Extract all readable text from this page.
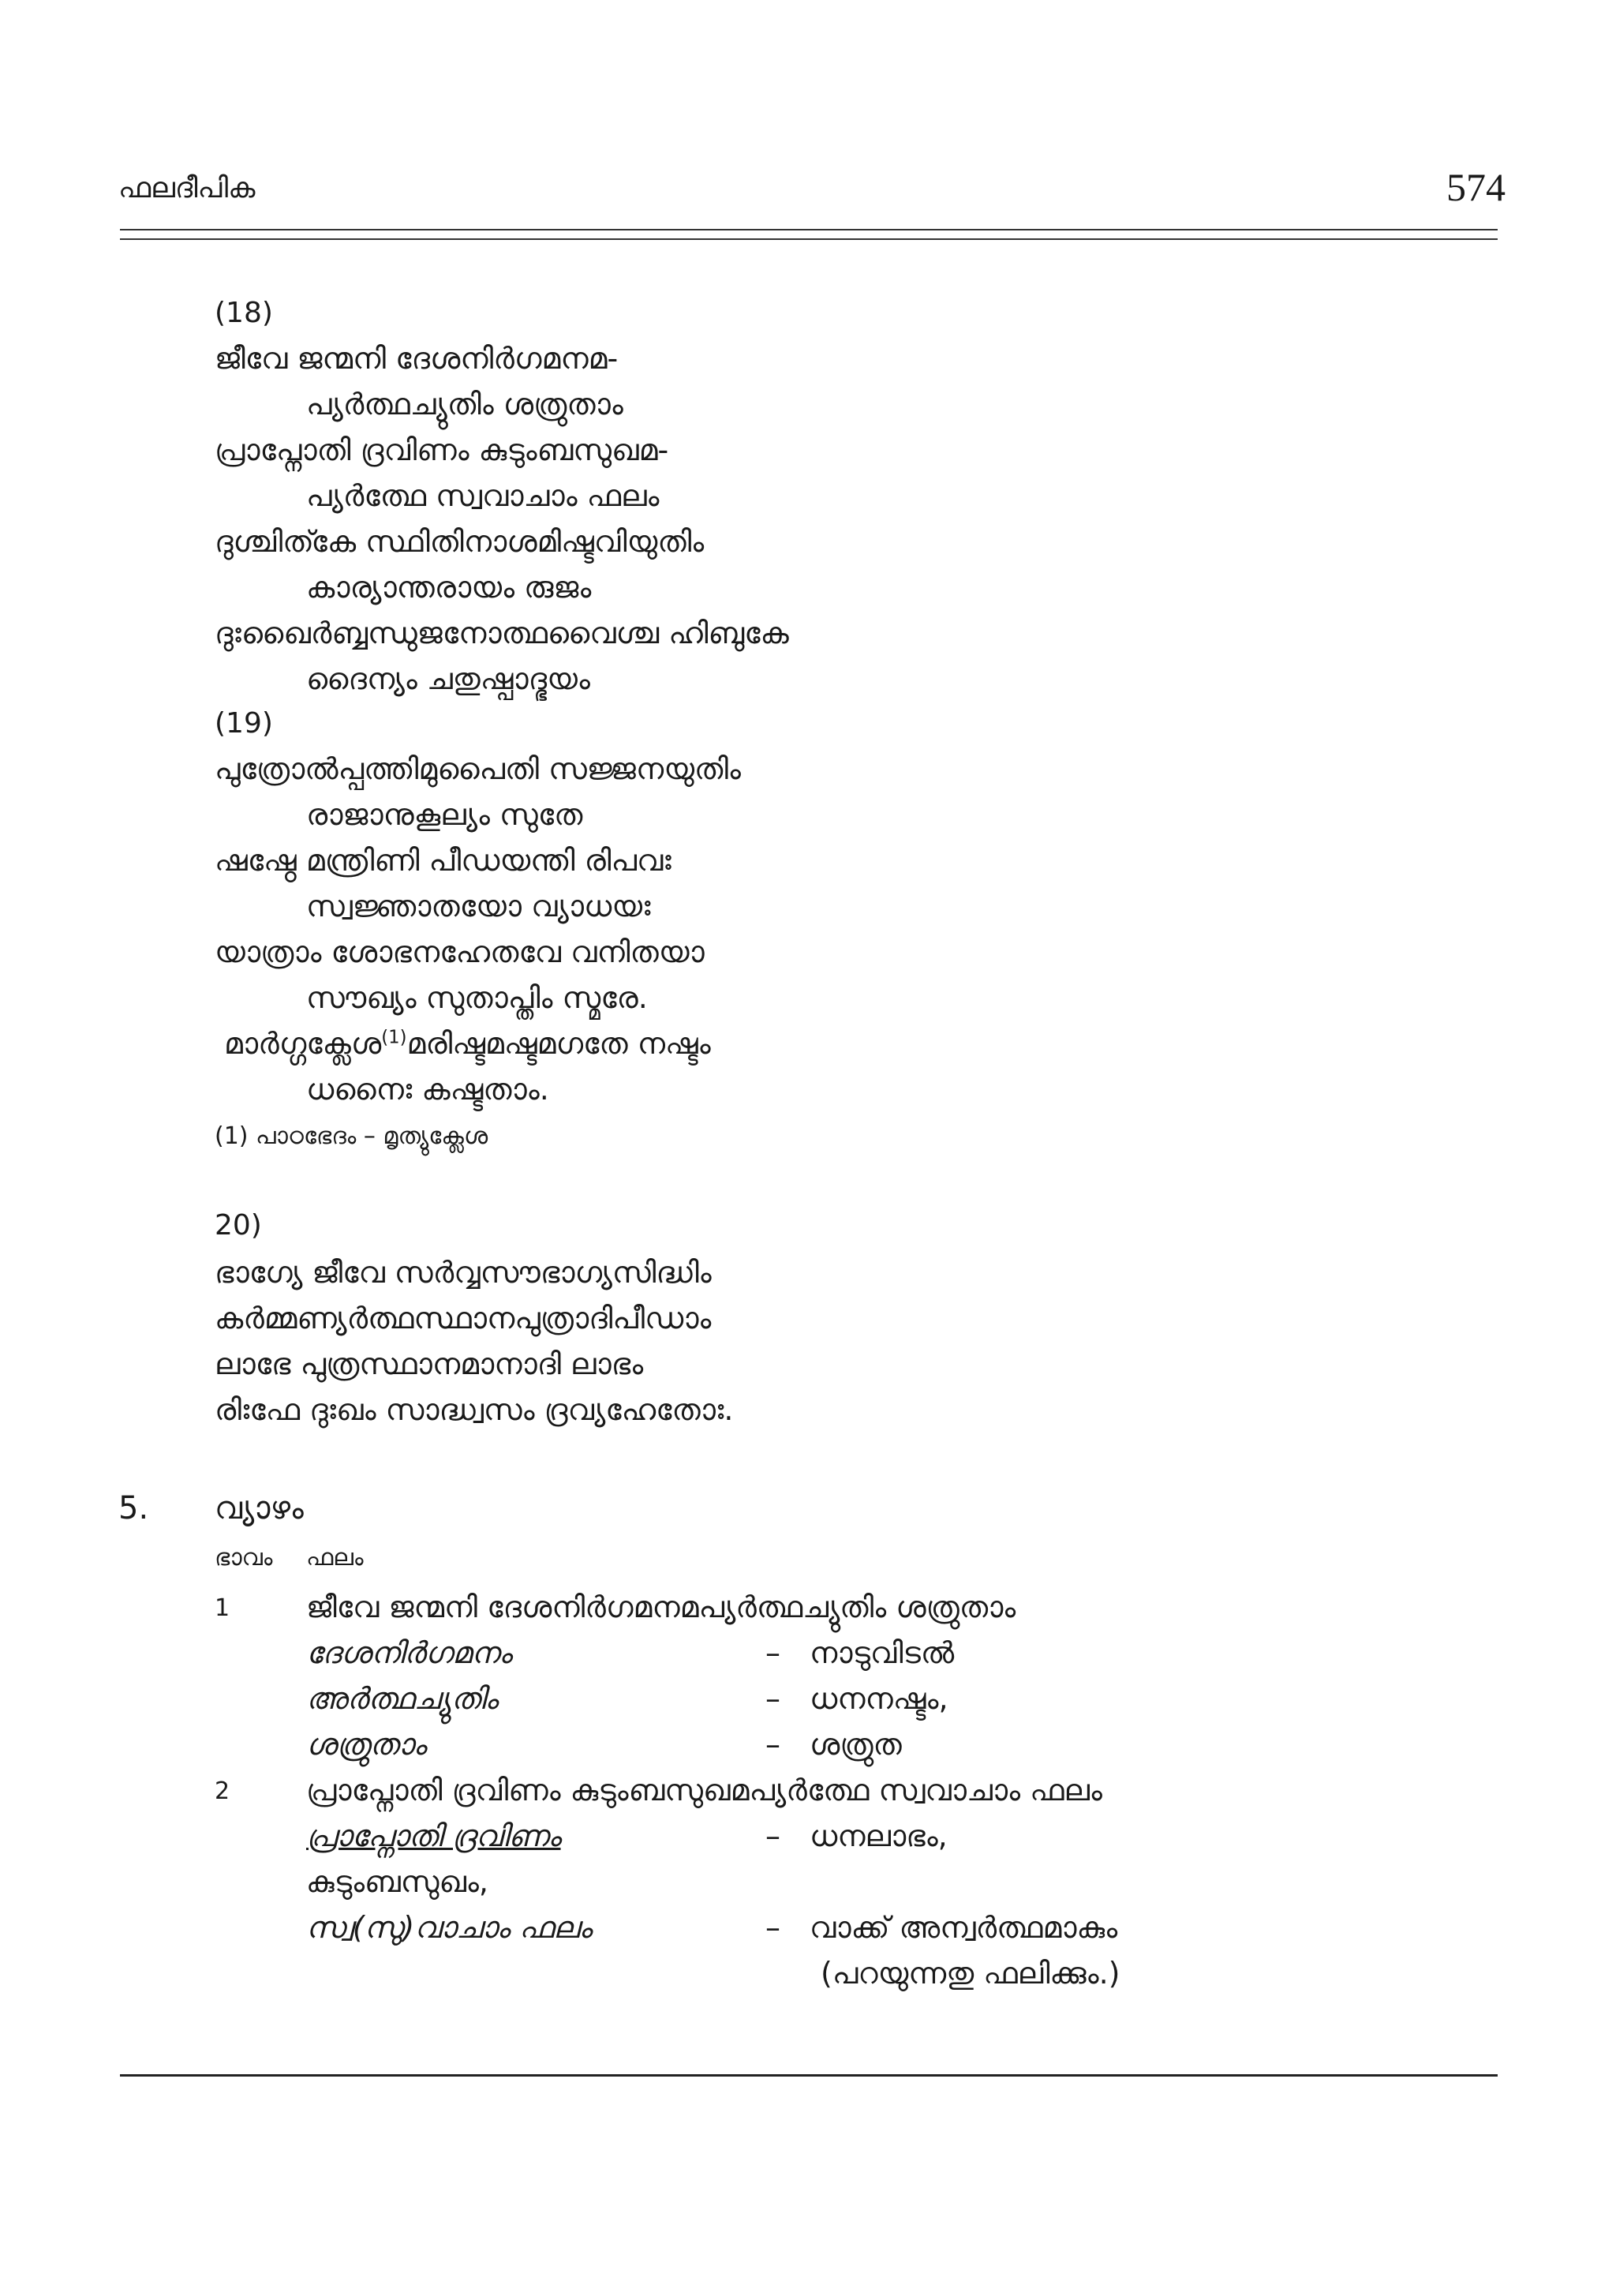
ഫലദീപിക	574
(18)
ജീവേ ജന്മനി ദേശനിർഗമനമ-
പ്യർത്ഥച്യുതിം ശത്രുതാം
പ്രാപ്നോതി ദ്രവിണം കുടുംബസുഖമ-
പ്യർത്ഥേ സ്വവാചാം ഫലം
ദുശ്ചിത്കേ സ്ഥിതിനാശമിഷ്ടവിയുതിം
കാര്യാന്തരായം രുജം
ദുഃഖൈർബ്ബന്ധുജനോത്ഥവൈശ്ച ഹിബുകേ
ദൈന്യം ചതുഷ്പാദ്ഭയം
(19)
പുത്രോൽപ്പത്തിമുപൈതി സജ്ജനയുതിം
രാജാനുകൂല്യം സുതേ
ഷഷ്ഠേ മന്ത്രിണി പീഡയന്തി രിപവഃ
സ്വജ്ഞാതയോ വ്യാധയഃ
യാത്രാം ശോഭനഹേതവേ വനിതയാ
സൗഖ്യം സുതാപ്തിം സ്മരേ.
മാർഗ്ഗക്ലേശ$^{(1)}$മരിഷ്ടമഷ്ടമഗതേ നഷ്ടം
ധനൈഃ കഷ്ടതാം.
(1) പാഠഭേദം – മൃത്യുക്ലേശ
20)
ഭാഗ്യേ ജീവേ സർവ്വസൗഭാഗ്യസിദ്ധിം
കർമ്മണ്യർത്ഥസ്ഥാനപുത്രാദിപീഡാം
ലാഭേ പുത്രസ്ഥാനമാനാദി ലാഭം
രിഃഫേ ദുഃഖം സാദ്ധ്വസം ദ്രവ്യഹേതോഃ.
5. വ്യാഴം
ഭാവം ഫലം
1	ജീവേ ജന്മനി ദേശനിർഗമനമപ്യർത്ഥച്യുതിം ശത്രുതാം
ദേശനിർഗമനം	– നാടുവിടൽ
അർത്ഥച്യുതിം	– ധനനഷ്ടം,
ശത്രുതാം	– ശത്രുത
2	പ്രാപ്നോതി ദ്രവിണം കുടുംബസുഖമപ്യർത്ഥേ സ്വവാചാം ഫലം
പ്രാപ്നോതി ദ്രവിണം	– ധനലാഭം,
കുടുംബസുഖം,
സ്വ(സു)വാചാം ഫലം	– വാക്ക് അന്വർത്ഥമാകും
(പറയുന്നതു ഫലിക്കും.)
